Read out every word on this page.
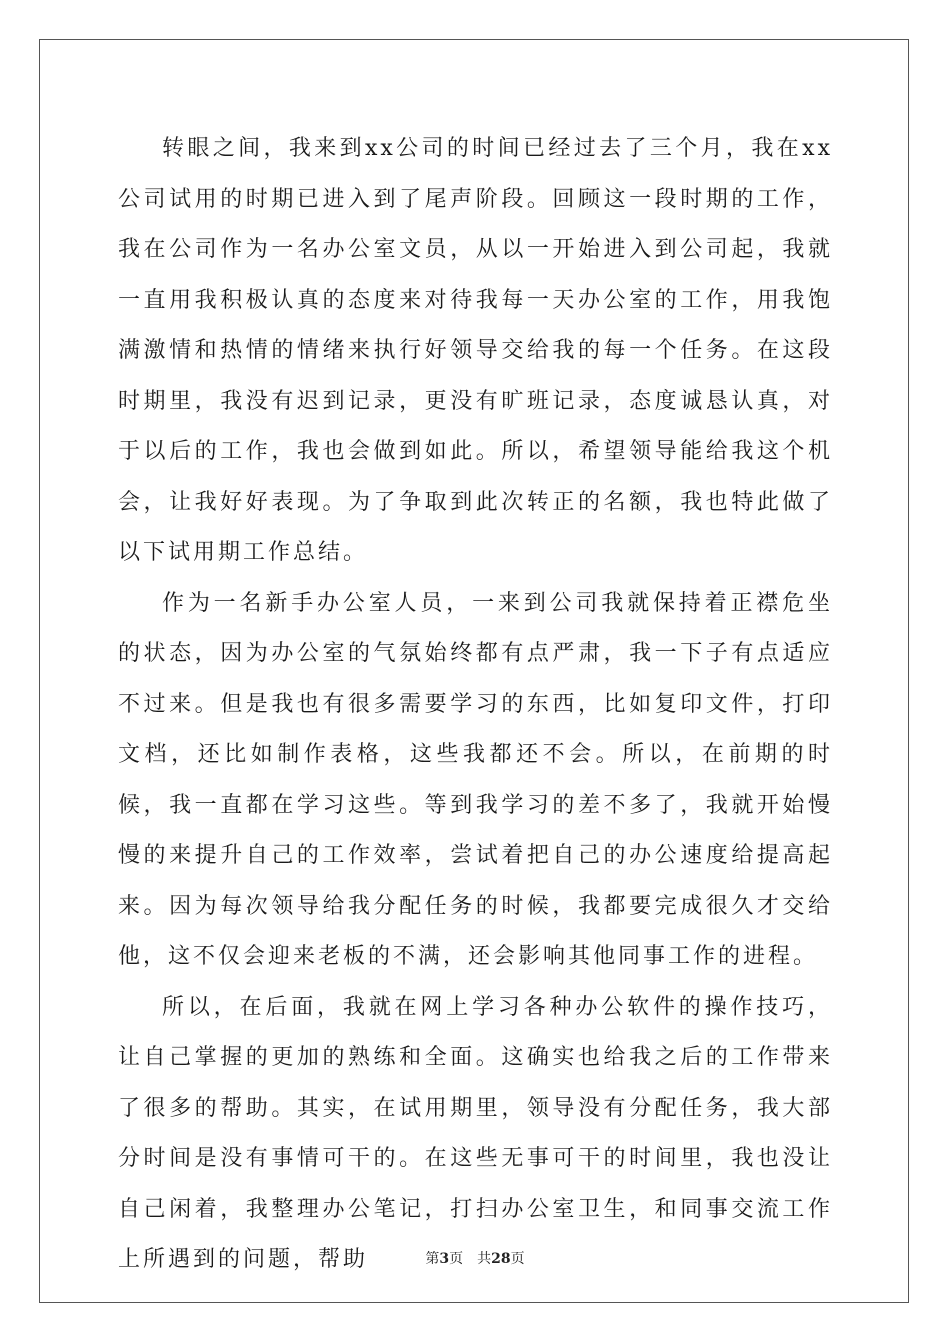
转眼之间，我来到xx公司的时间已经过去了三个月，我在xx公司试用的时期已进入到了尾声阶段。回顾这一段时期的工作，我在公司作为一名办公室文员，从以一开始进入到公司起，我就一直用我积极认真的态度来对待我每一天办公室的工作，用我饱满激情和热情的情绪来执行好领导交给我的每一个任务。在这段时期里，我没有迟到记录，更没有旷班记录，态度诚恳认真，对于以后的工作，我也会做到如此。所以，希望领导能给我这个机会，让我好好表现。为了争取到此次转正的名额，我也特此做了以下试用期工作总结。

作为一名新手办公室人员，一来到公司我就保持着正襟危坐的状态，因为办公室的气氛始终都有点严肃，我一下子有点适应不过来。但是我也有很多需要学习的东西，比如复印文件，打印文档，还比如制作表格，这些我都还不会。所以，在前期的时候，我一直都在学习这些。等到我学习的差不多了，我就开始慢慢的来提升自己的工作效率，尝试着把自己的办公速度给提高起来。因为每次领导给我分配任务的时候，我都要完成很久才交给他，这不仅会迎来老板的不满，还会影响其他同事工作的进程。

所以，在后面，我就在网上学习各种办公软件的操作技巧，让自己掌握的更加的熟练和全面。这确实也给我之后的工作带来了很多的帮助。其实，在试用期里，领导没有分配任务，我大部分时间是没有事情可干的。在这些无事可干的时间里，我也没让自己闲着，我整理办公笔记，打扫办公室卫生，和同事交流工作上所遇到的问题，帮助	第3页 共28页
